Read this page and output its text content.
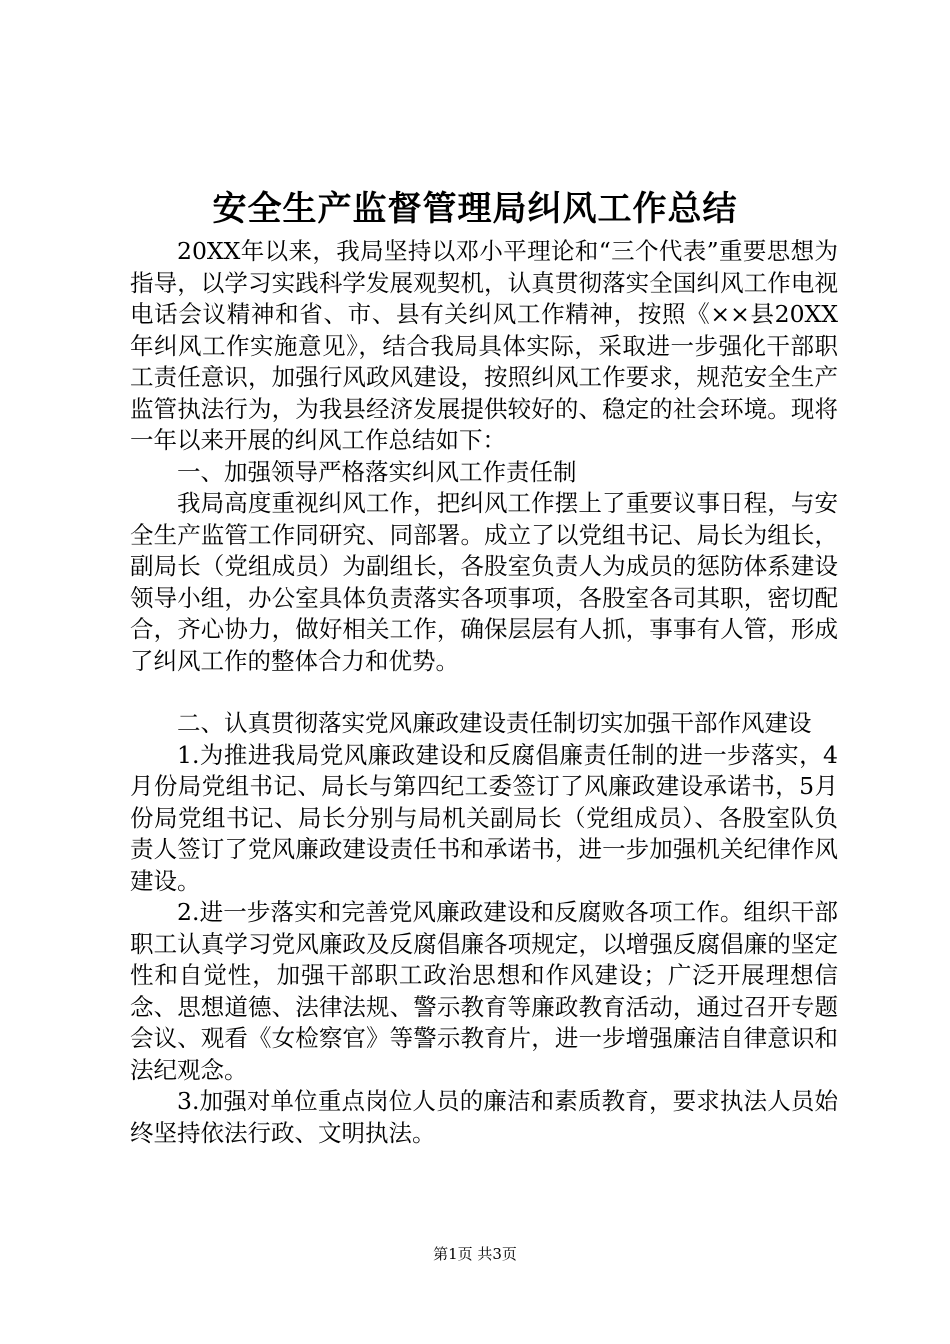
安全生产监督管理局纠风工作总结

20XX年以来，我局坚持以邓小平理论和“三个代表”重要思想为指导，以学习实践科学发展观契机，认真贯彻落实全国纠风工作电视电话会议精神和省、市、县有关纠风工作精神，按照《××县20XX年纠风工作实施意见》，结合我局具体实际，采取进一步强化干部职工责任意识，加强行风政风建设，按照纠风工作要求，规范安全生产监管执法行为，为我县经济发展提供较好的、稳定的社会环境。现将一年以来开展的纠风工作总结如下：

一、加强领导严格落实纠风工作责任制

我局高度重视纠风工作，把纠风工作摆上了重要议事日程，与安全生产监管工作同研究、同部署。成立了以党组书记、局长为组长，副局长（党组成员）为副组长，各股室负责人为成员的惩防体系建设领导小组，办公室具体负责落实各项事项，各股室各司其职，密切配合，齐心协力，做好相关工作，确保层层有人抓，事事有人管，形成了纠风工作的整体合力和优势。

二、认真贯彻落实党风廉政建设责任制切实加强干部作风建设

1.为推进我局党风廉政建设和反腐倡廉责任制的进一步落实，4月份局党组书记、局长与第四纪工委签订了风廉政建设承诺书，5月份局党组书记、局长分别与局机关副局长（党组成员）、各股室队负责人签订了党风廉政建设责任书和承诺书，进一步加强机关纪律作风建设。

2.进一步落实和完善党风廉政建设和反腐败各项工作。组织干部职工认真学习党风廉政及反腐倡廉各项规定，以增强反腐倡廉的坚定性和自觉性，加强干部职工政治思想和作风建设；广泛开展理想信念、思想道德、法律法规、警示教育等廉政教育活动，通过召开专题会议、观看《女检察官》等警示教育片，进一步增强廉洁自律意识和法纪观念。

3.加强对单位重点岗位人员的廉洁和素质教育，要求执法人员始终坚持依法行政、文明执法。

第1页 共3页
